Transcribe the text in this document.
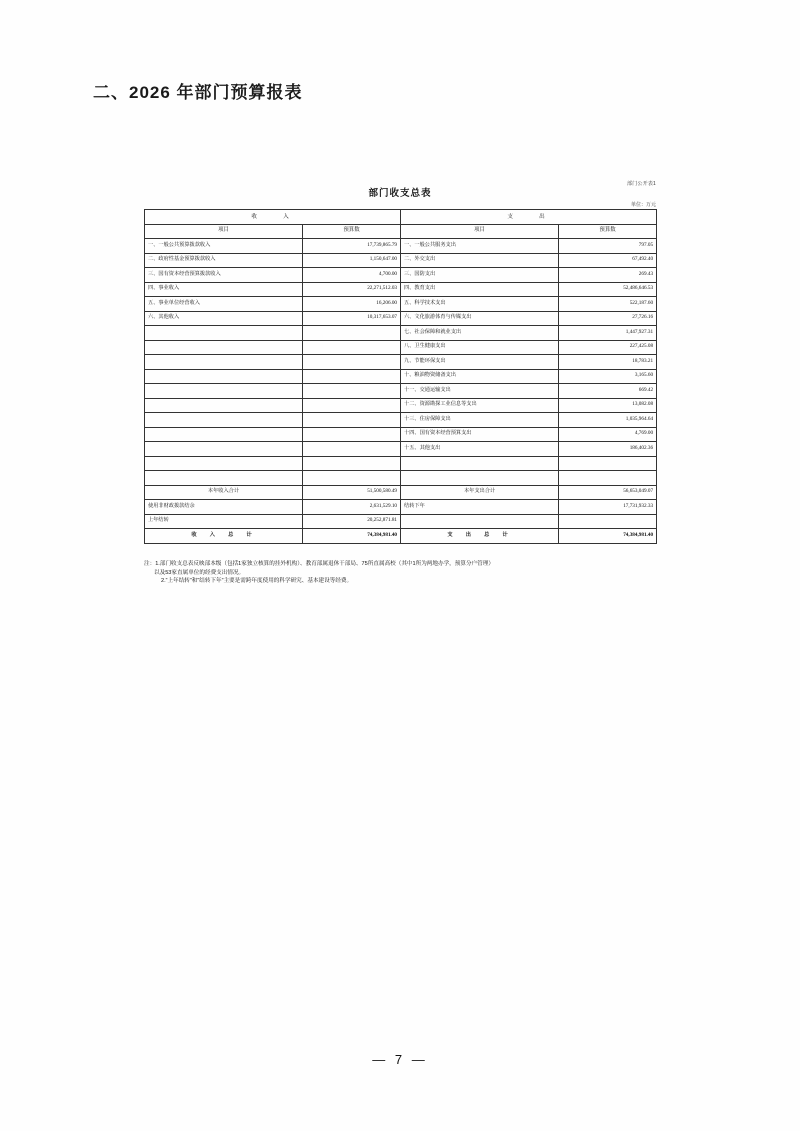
二、2026 年部门预算报表
部门公开表1
部门收支总表
单位：万元
收　　入		支　　出	
项目	预算数	项目	预算数
一、一般公共预算拨款收入	17,739,865.79	一、一般公共服务支出	797.05
二、政府性基金预算拨款收入	1,150,647.00	二、外交支出	67,492.40
三、国有资本经营预算拨款收入	4,700.00	三、国防支出	269.43
四、事业收入	22,271,512.03	四、教育支出	52,486,646.53
五、事业单位经营收入	16,206.00	五、科学技术支出	522,187.60
六、其他收入	10,317,653.07	六、文化旅游体育与传媒支出	27,726.16
		七、社会保障和就业支出	1,447,927.31
		八、卫生健康支出	227,425.08
		九、节能环保支出	18,783.21
		十、粮油物资储备支出	3,165.60
		十一、交通运输支出	669.42
		十二、资源勘探工业信息等支出	13,082.08
		十三、住房保障支出	1,035,964.64
		十四、国有资本经营预算支出	4,769.00
		十五、其他支出	186,402.36

本年收入合计	51,500,580.49	本年支出合计	56,653,049.07
使用非财政拨款结余	2,631,529.10	结转下年	17,731,932.33
上年结转	20,252,871.81		
收　入　总　计	74,384,981.40	支　出　总　计	74,384,981.40
注：1.部门收支总表反映部本级（包括1家独立核算的挂外机构）、教育部属退休干部局、75所直属高校（其中1所为两地办学，预算分户管理）
以及53家直属单位的经费支出情况。
2.“上年结转”和“结转下年”主要是需跨年度使用的科学研究、基本建设等经费。
— 7 —
